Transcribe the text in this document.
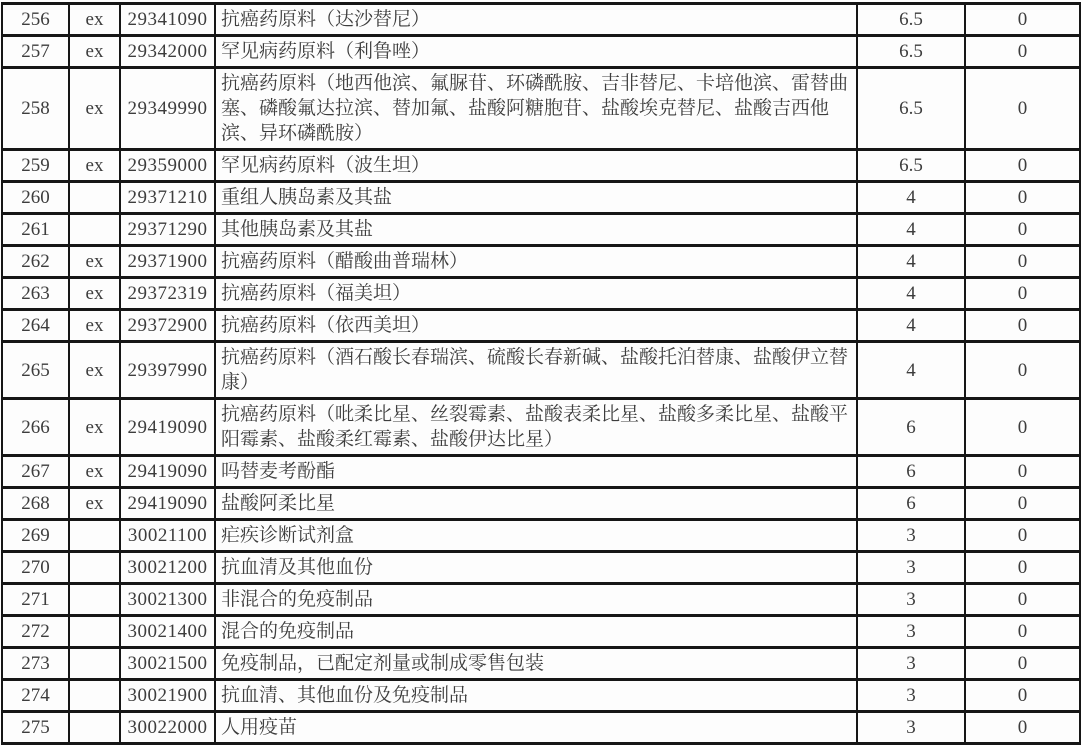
256	ex	29341090	抗癌药原料（达沙替尼）	6.5	0
257	ex	29342000	罕见病药原料（利鲁唑）	6.5	0
258	ex	29349990	抗癌药原料（地西他滨、氟脲苷、环磷酰胺、吉非替尼、卡培他滨、雷替曲塞、磷酸氟达拉滨、替加氟、盐酸阿糖胞苷、盐酸埃克替尼、盐酸吉西他滨、异环磷酰胺）	6.5	0
259	ex	29359000	罕见病药原料（波生坦）	6.5	0
260		29371210	重组人胰岛素及其盐	4	0
261		29371290	其他胰岛素及其盐	4	0
262	ex	29371900	抗癌药原料（醋酸曲普瑞林）	4	0
263	ex	29372319	抗癌药原料（福美坦）	4	0
264	ex	29372900	抗癌药原料（依西美坦）	4	0
265	ex	29397990	抗癌药原料（酒石酸长春瑞滨、硫酸长春新碱、盐酸托泊替康、盐酸伊立替康）	4	0
266	ex	29419090	抗癌药原料（吡柔比星、丝裂霉素、盐酸表柔比星、盐酸多柔比星、盐酸平阳霉素、盐酸柔红霉素、盐酸伊达比星）	6	0
267	ex	29419090	吗替麦考酚酯	6	0
268	ex	29419090	盐酸阿柔比星	6	0
269		30021100	疟疾诊断试剂盒	3	0
270		30021200	抗血清及其他血份	3	0
271		30021300	非混合的免疫制品	3	0
272		30021400	混合的免疫制品	3	0
273		30021500	免疫制品，已配定剂量或制成零售包装	3	0
274		30021900	抗血清、其他血份及免疫制品	3	0
275		30022000	人用疫苗	3	0
